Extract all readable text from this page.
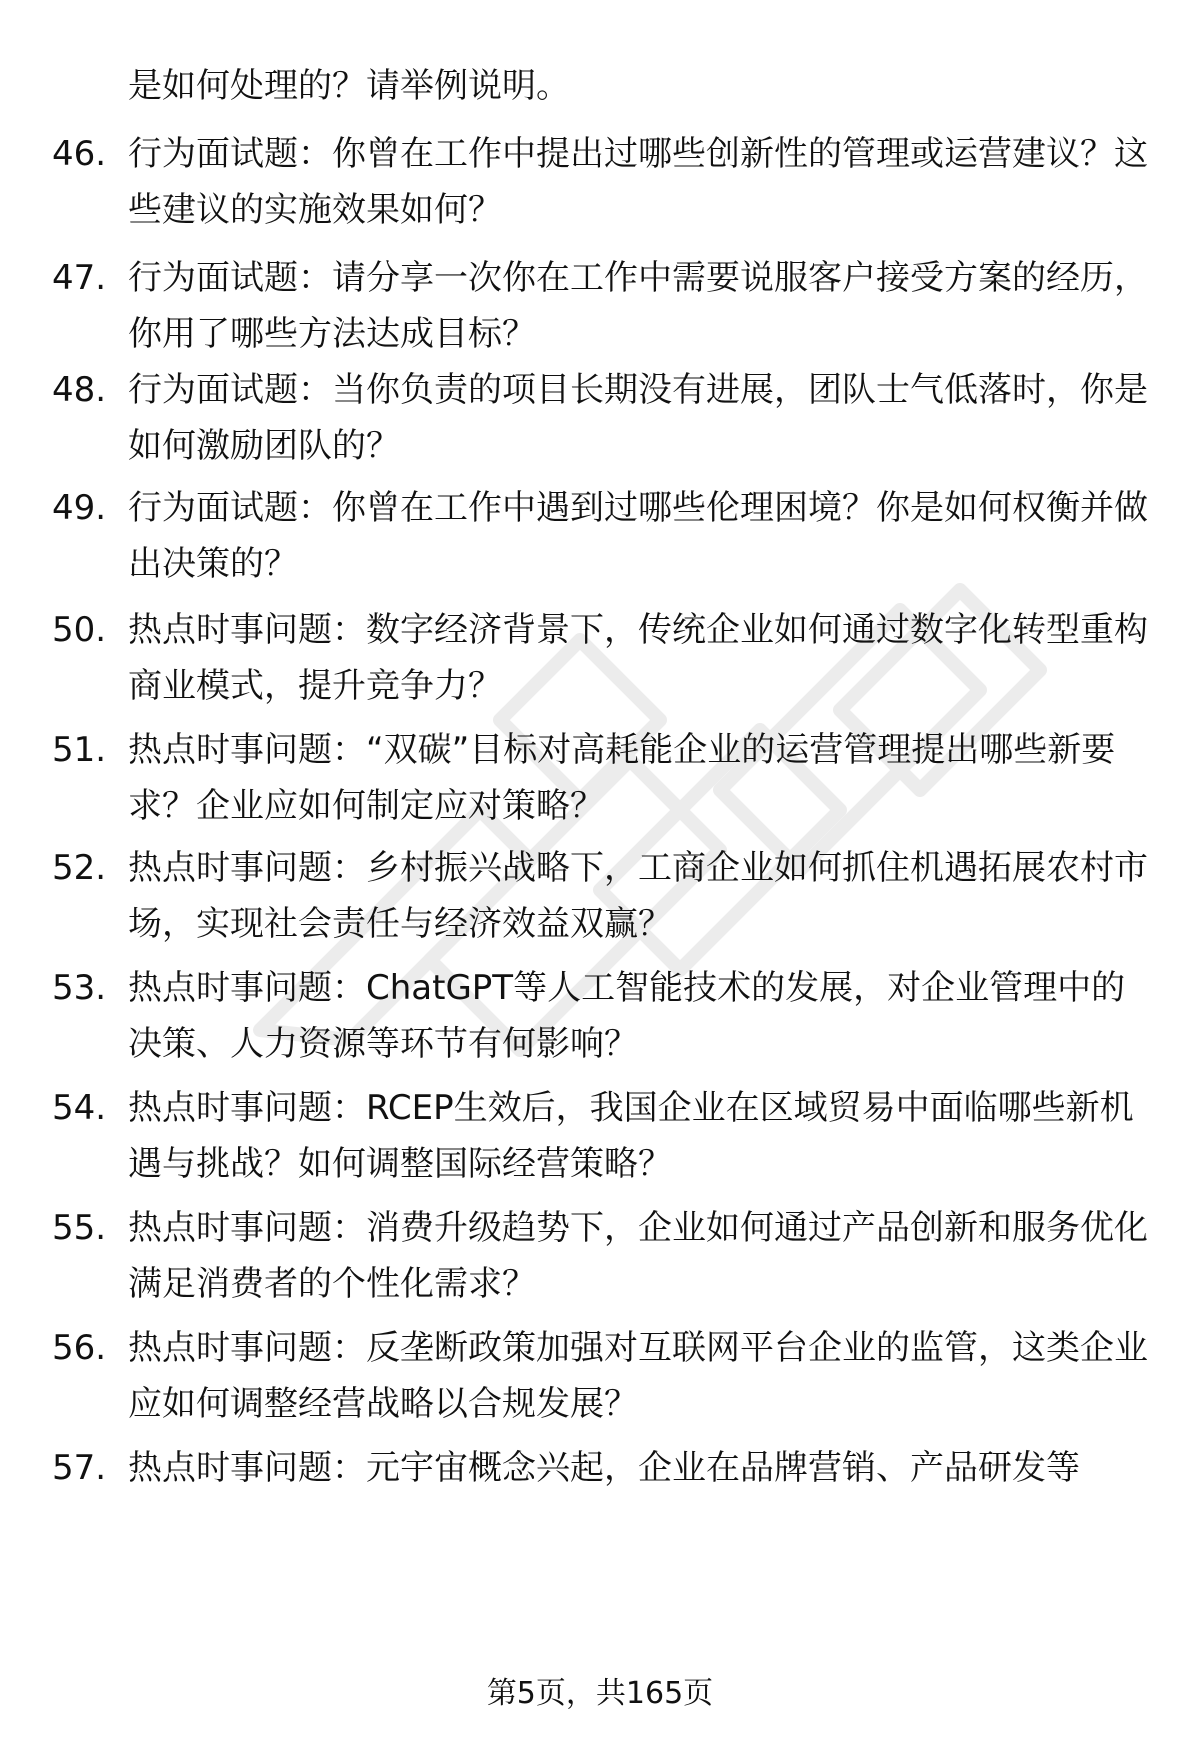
是如何处理的？请举例说明。
46. 行为面试题：你曾在工作中提出过哪些创新性的管理或运营建议？这些建议的实施效果如何？
47. 行为面试题：请分享一次你在工作中需要说服客户接受方案的经历，你用了哪些方法达成目标？
48. 行为面试题：当你负责的项目长期没有进展，团队士气低落时，你是如何激励团队的？
49. 行为面试题：你曾在工作中遇到过哪些伦理困境？你是如何权衡并做出决策的？
50. 热点时事问题：数字经济背景下，传统企业如何通过数字化转型重构商业模式，提升竞争力？
51. 热点时事问题：“双碳”目标对高耗能企业的运营管理提出哪些新要求？企业应如何制定应对策略？
52. 热点时事问题：乡村振兴战略下，工商企业如何抓住机遇拓展农村市场，实现社会责任与经济效益双赢？
53. 热点时事问题：ChatGPT等人工智能技术的发展，对企业管理中的决策、人力资源等环节有何影响？
54. 热点时事问题：RCEP生效后，我国企业在区域贸易中面临哪些新机遇与挑战？如何调整国际经营策略？
55. 热点时事问题：消费升级趋势下，企业如何通过产品创新和服务优化满足消费者的个性化需求？
56. 热点时事问题：反垄断政策加强对互联网平台企业的监管，这类企业应如何调整经营战略以合规发展？
57. 热点时事问题：元宇宙概念兴起，企业在品牌营销、产品研发等
第5页，共165页
